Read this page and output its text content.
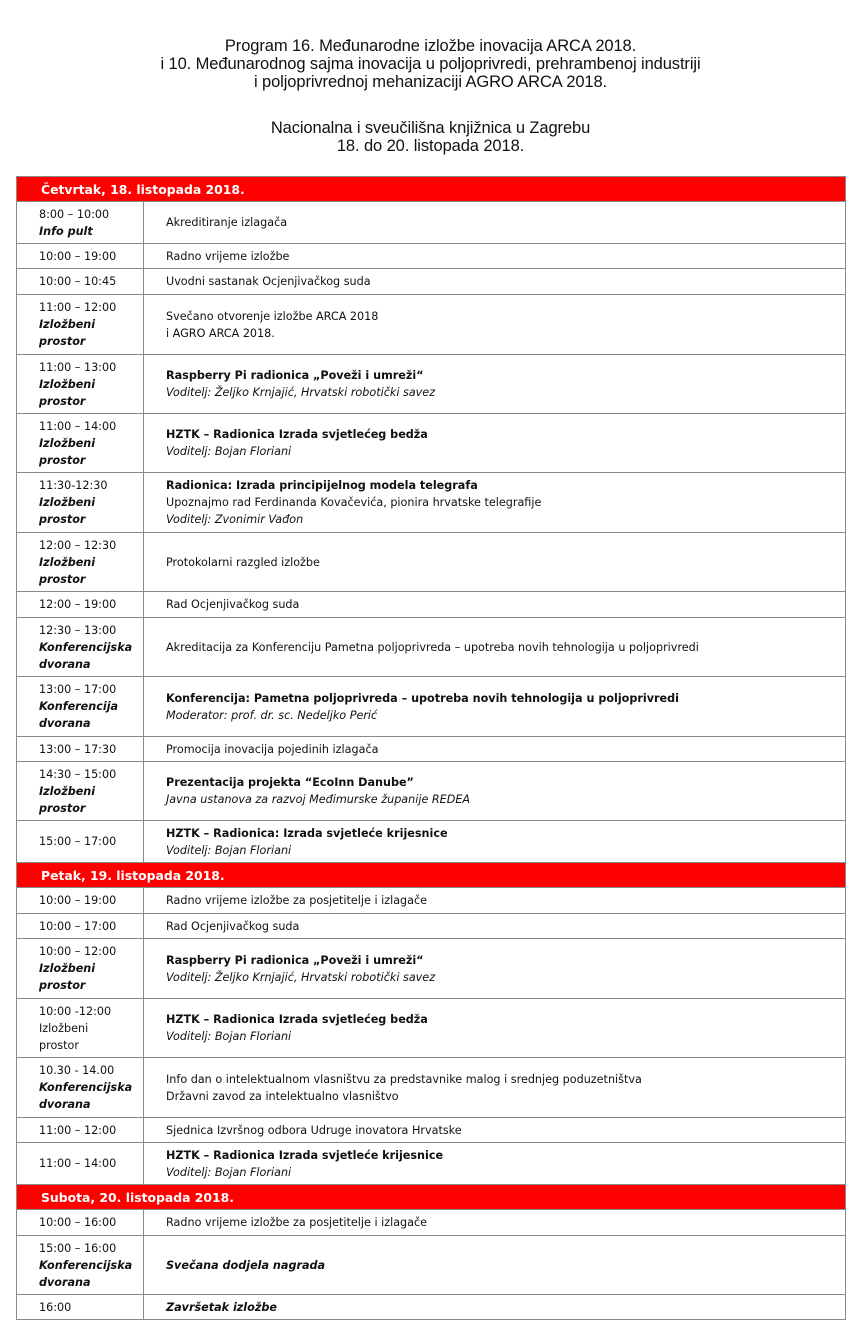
Program 16. Međunarodne izložbe inovacija ARCA 2018.
i 10. Međunarodnog sajma inovacija u poljoprivredi, prehrambenoj industriji
i poljoprivrednoj mehanizaciji AGRO ARCA 2018.
Nacionalna i sveučilišna knjižnica u Zagrebu
18. do 20. listopada 2018.
Četvrtak, 18. listopada 2018.	

8:00 – 10:00
Info pult	Akreditiranje izlagača

10:00 – 19:00	Radno vrijeme izložbe

10:00 – 10:45	Uvodni sastanak Ocjenjivačkog suda

11:00 – 12:00
Izložbeni
prostor	Svečano otvorenje izložbe ARCA 2018
i AGRO ARCA 2018.

11:00 – 13:00
Izložbeni
prostor	Raspberry Pi radionica „Poveži i umreži“
Voditelj: Željko Krnjajić, Hrvatski robotički savez

11:00 – 14:00
Izložbeni
prostor	HZTK – Radionica Izrada svjetlećeg bedža
Voditelj: Bojan Floriani

11:30-12:30
Izložbeni
prostor	Radionica: Izrada principijelnog modela telegrafa
Upoznajmo rad Ferdinanda Kovačevića, pionira hrvatske telegrafije
Voditelj: Zvonimir Vađon

12:00 – 12:30
Izložbeni
prostor	Protokolarni razgled izložbe

12:00 – 19:00	Rad Ocjenjivačkog suda

12:30 – 13:00
Konferencijska
dvorana	Akreditacija za Konferenciju Pametna poljoprivreda – upotreba novih tehnologija u poljoprivredi

13:00 – 17:00
Konferencija
dvorana	Konferencija: Pametna poljoprivreda – upotreba novih tehnologija u poljoprivredi
Moderator: prof. dr. sc. Nedeljko Perić

13:00 – 17:30	Promocija inovacija pojedinih izlagača

14:30 – 15:00
Izložbeni
prostor	Prezentacija projekta “EcoInn Danube”
Javna ustanova za razvoj Međimurske županije REDEA

15:00 – 17:00	HZTK – Radionica: Izrada svjetleće krijesnice
Voditelj: Bojan Floriani

Petak, 19. listopada 2018.	

10:00 – 19:00	Radno vrijeme izložbe za posjetitelje i izlagače

10:00 – 17:00	Rad Ocjenjivačkog suda

10:00 – 12:00
Izložbeni
prostor	Raspberry Pi radionica „Poveži i umreži“
Voditelj: Željko Krnjajić, Hrvatski robotički savez

10:00 -12:00
Izložbeni
prostor	HZTK – Radionica Izrada svjetlećeg bedža
Voditelj: Bojan Floriani

10.30 - 14.00
Konferencijska
dvorana	Info dan o intelektualnom vlasništvu za predstavnike malog i srednjeg poduzetništva
Državni zavod za intelektualno vlasništvo

11:00 – 12:00	Sjednica Izvršnog odbora Udruge inovatora Hrvatske

11:00 – 14:00	HZTK – Radionica Izrada svjetleće krijesnice
Voditelj: Bojan Floriani

Subota, 20. listopada 2018.	

10:00 – 16:00	Radno vrijeme izložbe za posjetitelje i izlagače

15:00 – 16:00
Konferencijska
dvorana	Svečana dodjela nagrada

16:00	Završetak izložbe
